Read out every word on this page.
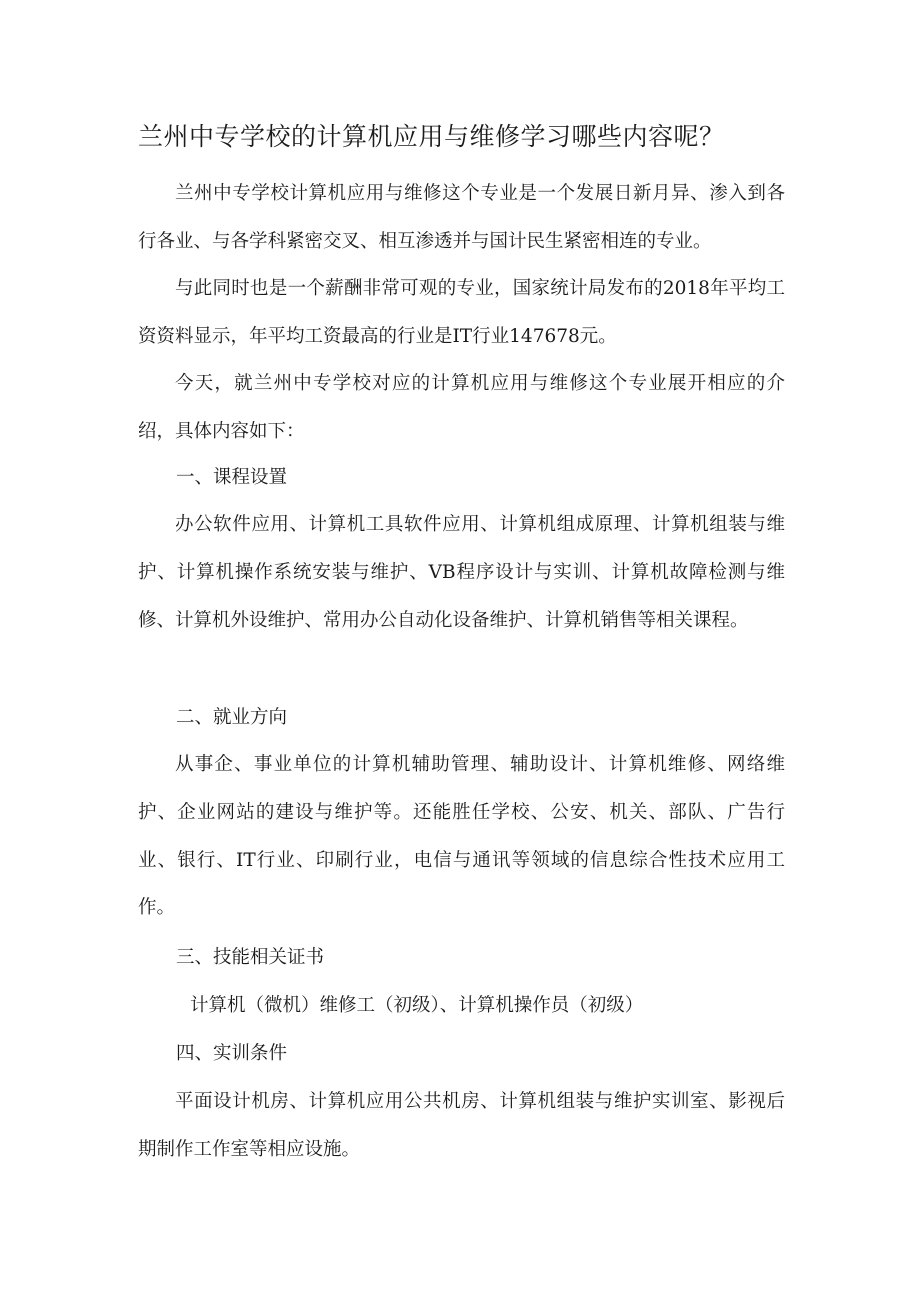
兰州中专学校的计算机应用与维修学习哪些内容呢？

兰州中专学校计算机应用与维修这个专业是一个发展日新月异、渗入到各行各业、与各学科紧密交叉、相互渗透并与国计民生紧密相连的专业。

与此同时也是一个薪酬非常可观的专业，国家统计局发布的2018年平均工资资料显示，年平均工资最高的行业是IT行业147678元。

今天，就兰州中专学校对应的计算机应用与维修这个专业展开相应的介绍，具体内容如下：

一、课程设置

办公软件应用、计算机工具软件应用、计算机组成原理、计算机组装与维护、计算机操作系统安装与维护、VB程序设计与实训、计算机故障检测与维修、计算机外设维护、常用办公自动化设备维护、计算机销售等相关课程。

二、就业方向

从事企、事业单位的计算机辅助管理、辅助设计、计算机维修、网络维护、企业网站的建设与维护等。还能胜任学校、公安、机关、部队、广告行业、银行、IT行业、印刷行业，电信与通讯等领域的信息综合性技术应用工作。

三、技能相关证书

计算机（微机）维修工（初级）、计算机操作员（初级）

四、实训条件

平面设计机房、计算机应用公共机房、计算机组装与维护实训室、影视后期制作工作室等相应设施。
